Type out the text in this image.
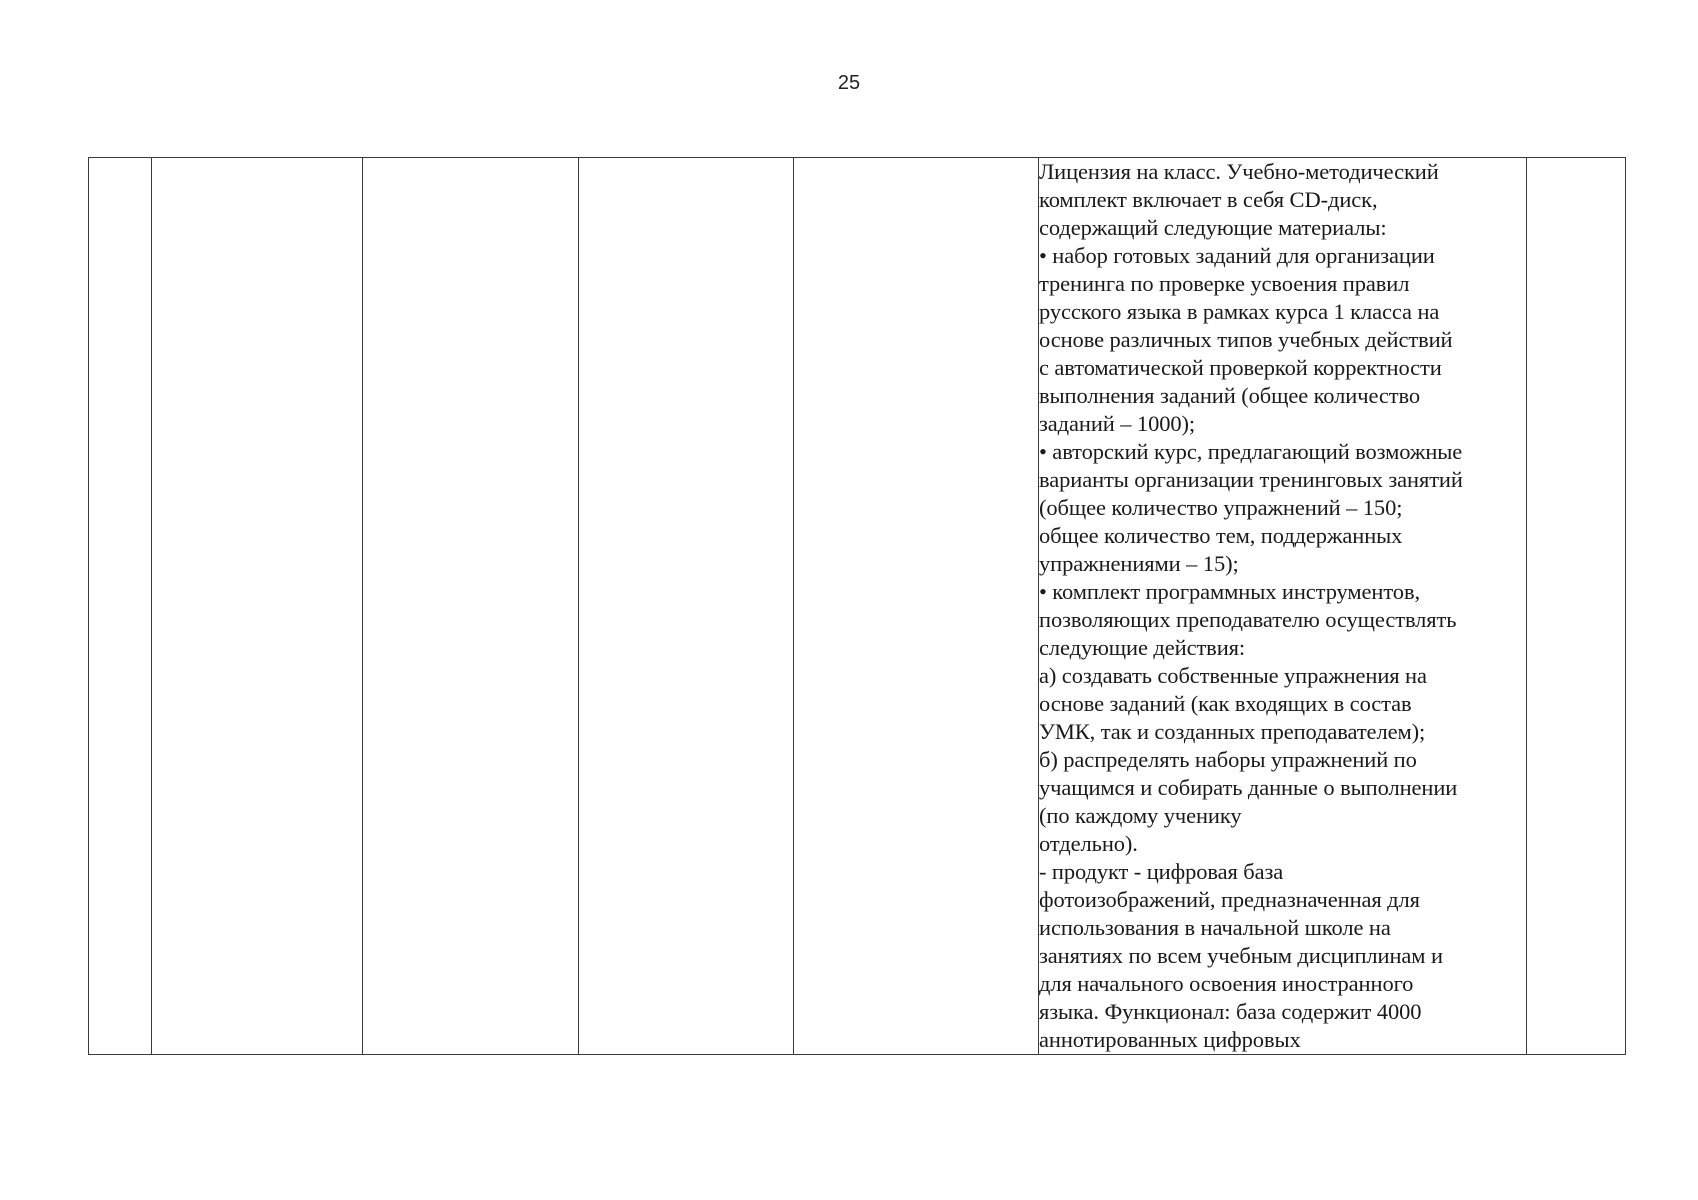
25

Лицензия на класс. Учебно-методический
комплект включает в себя CD-диск,
содержащий следующие материалы:
• набор готовых заданий для организации
тренинга по проверке усвоения правил
русского языка в рамках курса 1 класса на
основе различных типов учебных действий
с автоматической проверкой корректности
выполнения заданий (общее количество
заданий – 1000);
• авторский курс, предлагающий возможные
варианты организации тренинговых занятий
(общее количество упражнений – 150;
общее количество тем, поддержанных
упражнениями – 15);
• комплект программных инструментов,
позволяющих преподавателю осуществлять
следующие действия:
а) создавать собственные упражнения на
основе заданий (как входящих в состав
УМК, так и созданных преподавателем);
б) распределять наборы упражнений по
учащимся и собирать данные о выполнении
(по каждому ученику
отдельно).
- продукт - цифровая база
фотоизображений, предназначенная для
использования в начальной школе на
занятиях по всем учебным дисциплинам и
для начального освоения иностранного
языка. Функционал: база содержит 4000
аннотированных цифровых
